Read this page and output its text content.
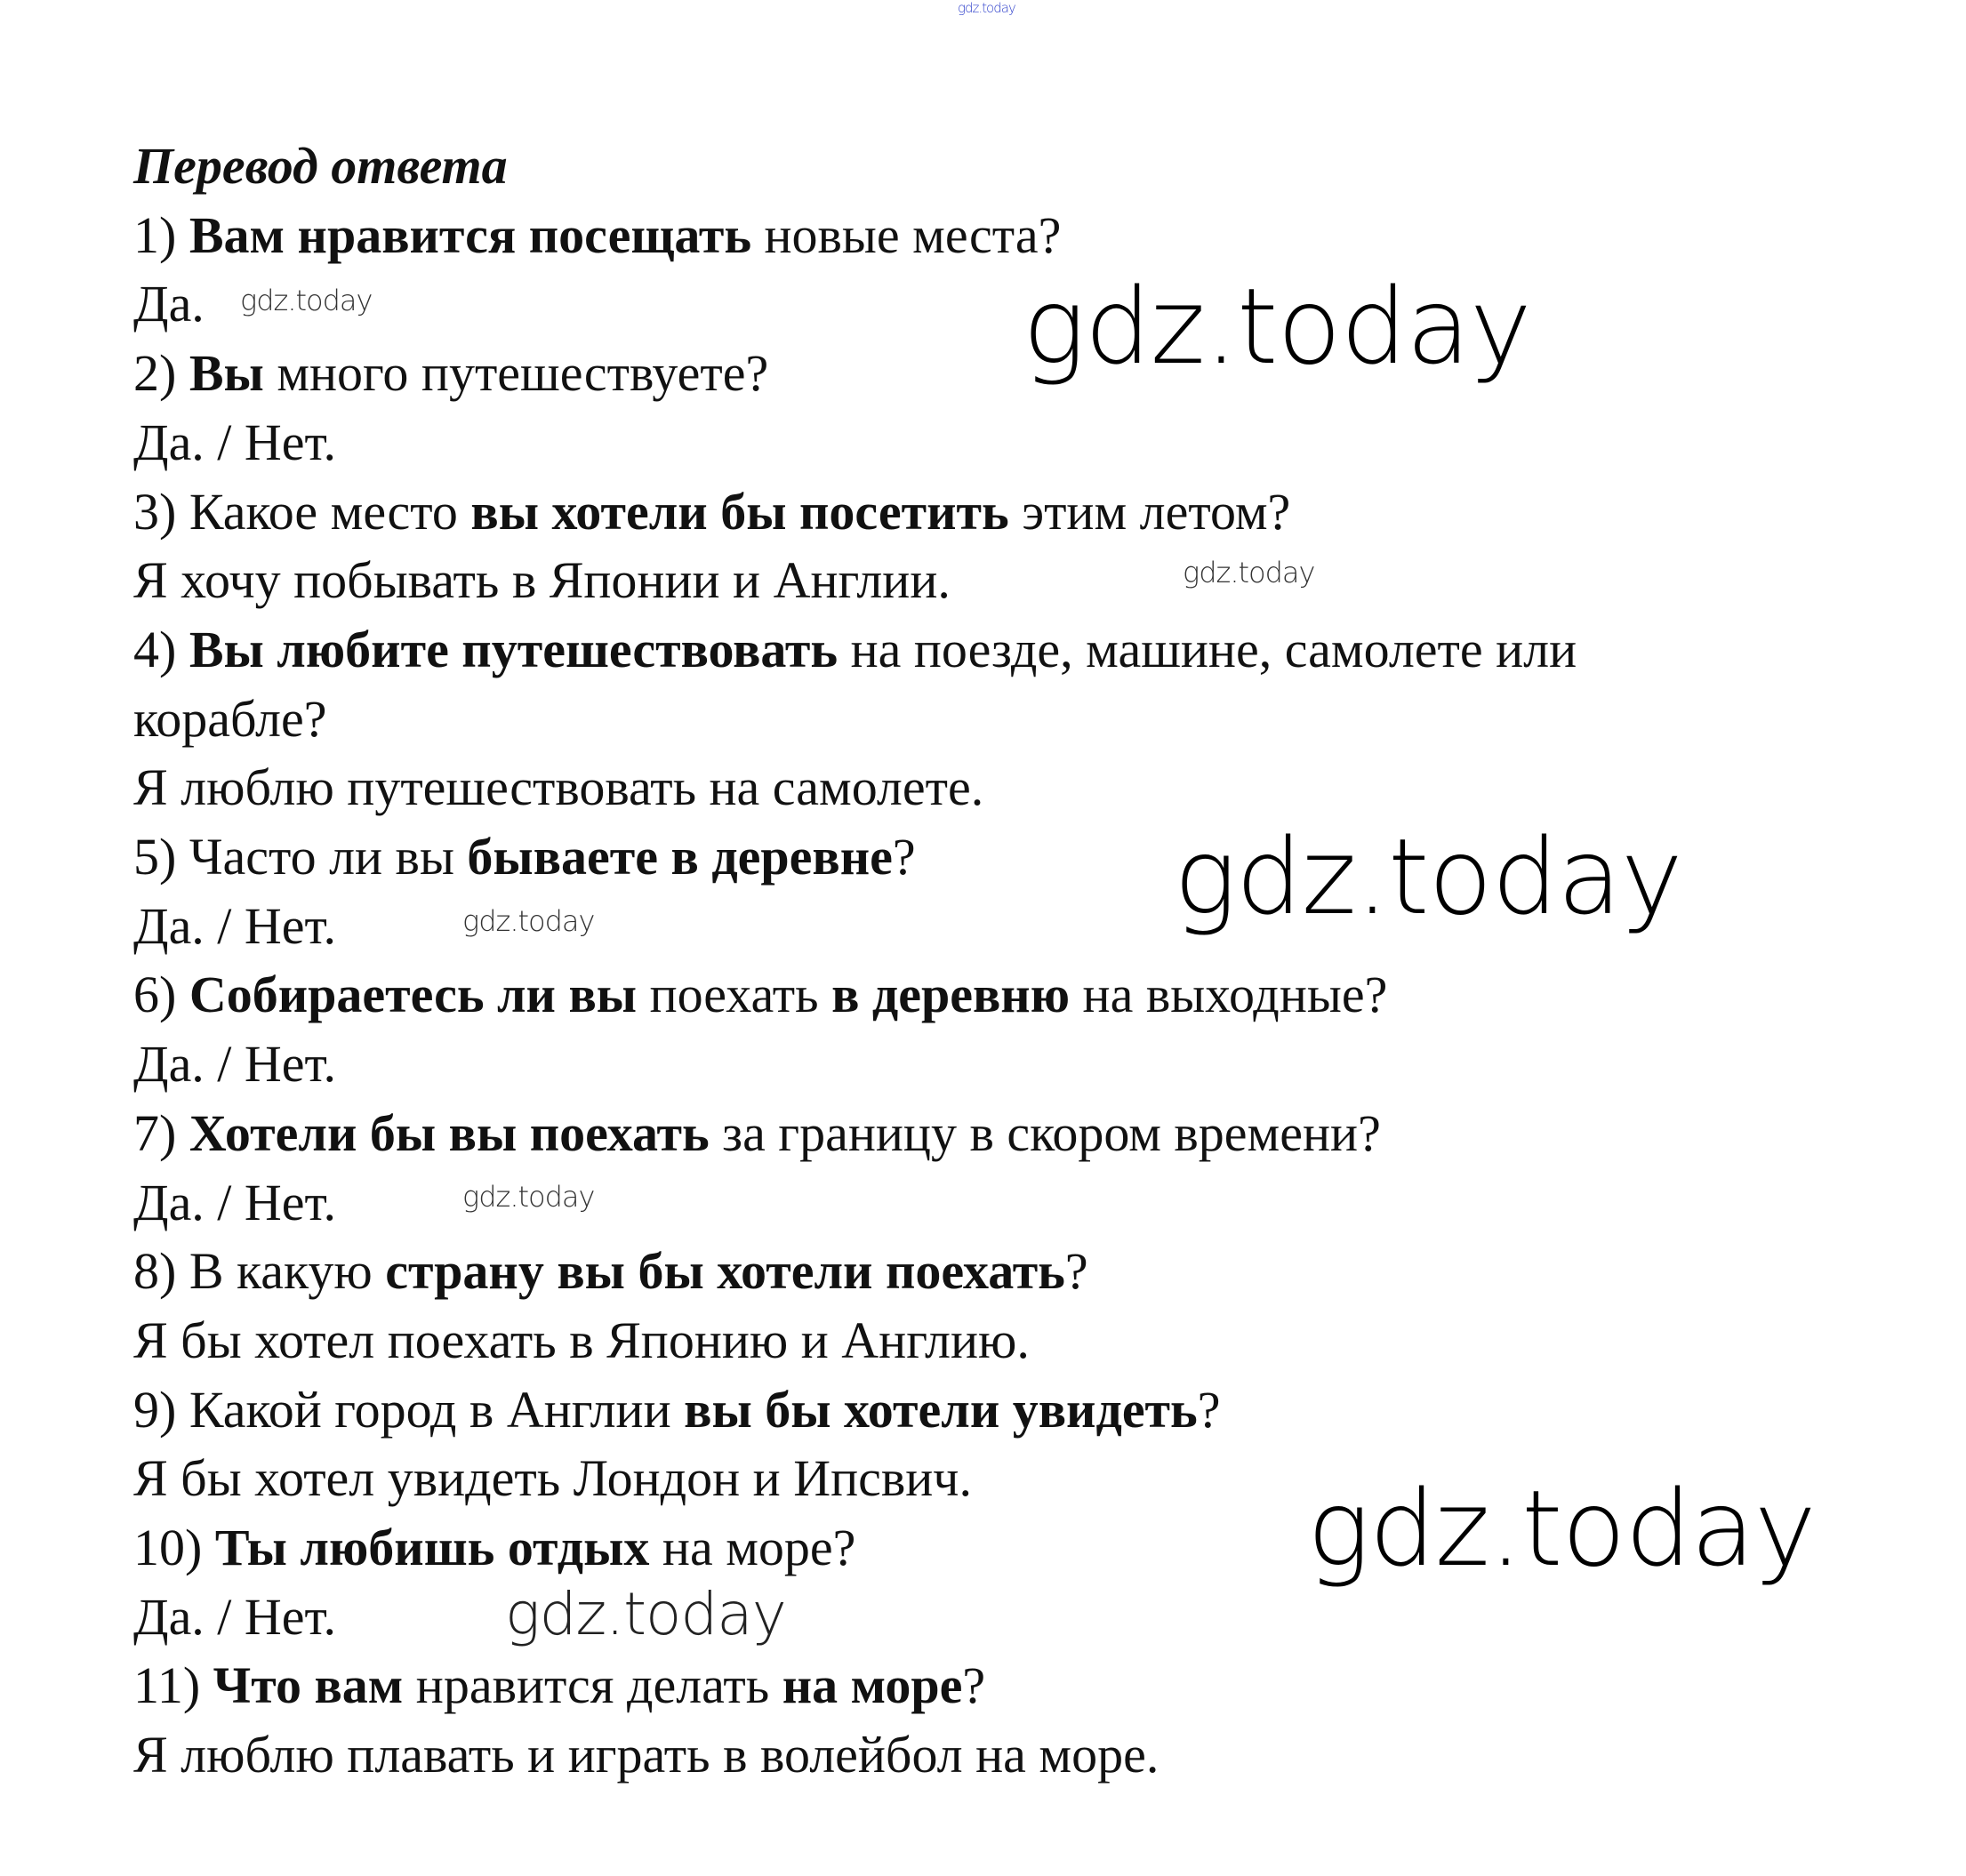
gdz.today
Перевод ответа
1) Вам нравится посещать новые места?
Да.
2) Вы много путешествуете?
Да. / Нет.
3) Какое место вы хотели бы посетить этим летом?
Я хочу побывать в Японии и Англии.
4) Вы любите путешествовать на поезде, машине, самолете или
корабле?
Я люблю путешествовать на самолете.
5) Часто ли вы бываете в деревне?
Да. / Нет.
6) Собираетесь ли вы поехать в деревню на выходные?
Да. / Нет.
7) Хотели бы вы поехать за границу в скором времени?
Да. / Нет.
8) В какую страну вы бы хотели поехать?
Я бы хотел поехать в Японию и Англию.
9) Какой город в Англии вы бы хотели увидеть?
Я бы хотел увидеть Лондон и Ипсвич.
10) Ты любишь отдых на море?
Да. / Нет.
11) Что вам нравится делать на море?
Я люблю плавать и играть в волейбол на море.
gdz.today
gdz.today
gdz.today
gdz.today
gdz.today
gdz.today
gdz.today
gdz.today
